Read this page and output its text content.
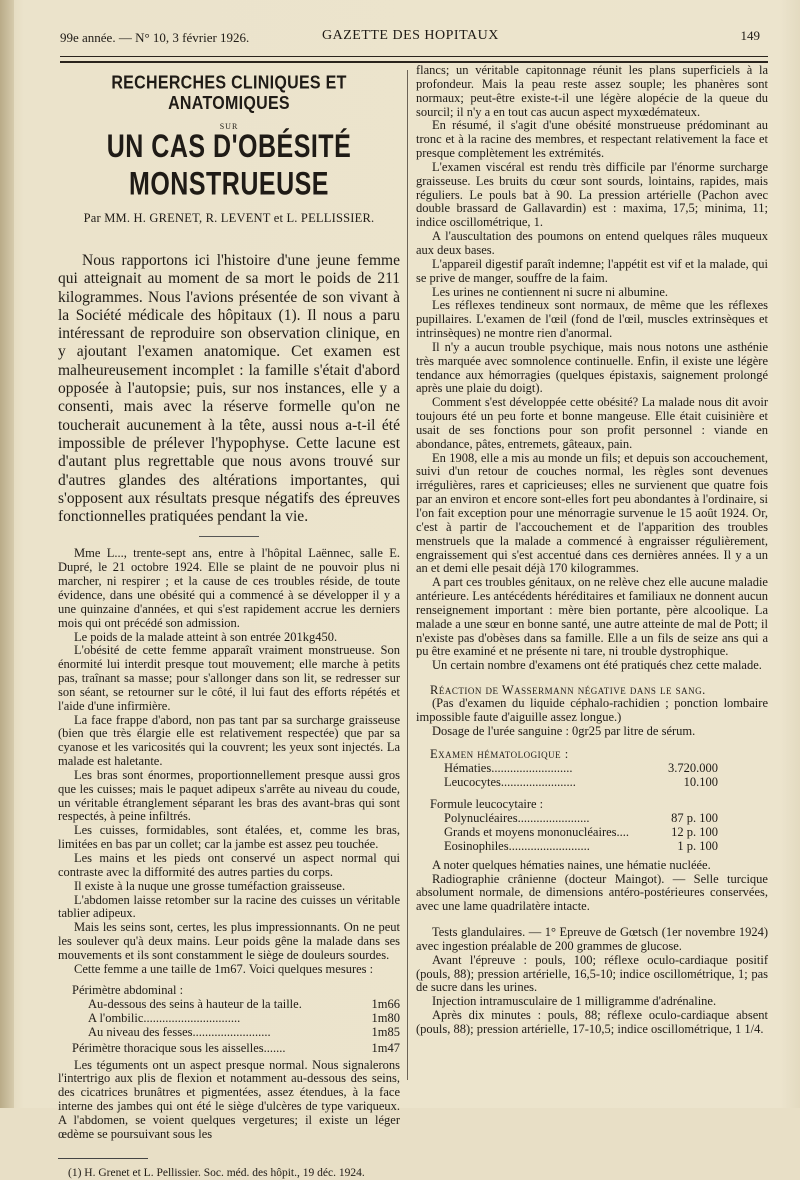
99e année. — N° 10, 3 février 1926.	GAZETTE DES HOPITAUX	149
RECHERCHES CLINIQUES ET ANATOMIQUES
SUR
UN CAS D'OBÉSITÉ MONSTRUEUSE
Par MM. H. GRENET, R. LEVENT et L. PELLISSIER.
Nous rapportons ici l'histoire d'une jeune femme qui atteignait au moment de sa mort le poids de 211 kilogrammes. Nous l'avions présentée de son vivant à la Société médicale des hôpitaux (1). Il nous a paru intéressant de reproduire son observation clinique, en y ajoutant l'examen anatomique. Cet examen est malheureusement incomplet : la famille s'était d'abord opposée à l'autopsie; puis, sur nos instances, elle y a consenti, mais avec la réserve formelle qu'on ne toucherait aucunement à la tête, aussi nous a-t-il été impossible de prélever l'hypophyse. Cette lacune est d'autant plus regrettable que nous avons trouvé sur d'autres glandes des altérations importantes, qui s'opposent aux résultats presque négatifs des épreuves fonctionnelles pratiquées pendant la vie.

Mme L..., trente-sept ans, entre à l'hôpital Laënnec, salle E. Dupré, le 21 octobre 1924. Elle se plaint de ne pouvoir plus ni marcher, ni respirer ; et la cause de ces troubles réside, de toute évidence, dans une obésité qui a commencé à se développer il y a une quinzaine d'années, et qui s'est rapidement accrue les derniers mois qui ont précédé son admission.

Le poids de la malade atteint à son entrée 201kg450.

L'obésité de cette femme apparaît vraiment monstrueuse. Son énormité lui interdit presque tout mouvement; elle marche à petits pas, traînant sa masse; pour s'allonger dans son lit, se redresser sur son séant, se retourner sur le côté, il lui faut des efforts répétés et l'aide d'une infirmière.

La face frappe d'abord, non pas tant par sa surcharge graisseuse (bien que très élargie elle est relativement respectée) que par sa cyanose et les varicosités qui la couvrent; les yeux sont injectés. La malade est haletante.

Les bras sont énormes, proportionnellement presque aussi gros que les cuisses; mais le paquet adipeux s'arrête au niveau du coude, un véritable étranglement séparant les bras des avant-bras qui sont respectés, à peine infiltrés.

Les cuisses, formidables, sont étalées, et, comme les bras, limitées en bas par un collet; car la jambe est assez peu touchée.

Les mains et les pieds ont conservé un aspect normal qui contraste avec la difformité des autres parties du corps.

Il existe à la nuque une grosse tuméfaction graisseuse.

L'abdomen laisse retomber sur la racine des cuisses un véritable tablier adipeux.

Mais les seins sont, certes, les plus impressionnants. On ne peut les soulever qu'à deux mains. Leur poids gêne la malade dans ses mouvements et ils sont constamment le siège de douleurs sourdes.

Cette femme a une taille de 1m67. Voici quelques mesures :

Périmètre abdominal :
Au-dessous des seins à hauteur de la taille.	1m66
A l'ombilic...............................	1m80
Au niveau des fesses.........................	1m85
Périmètre thoracique sous les aisselles.......	1m47

Les téguments ont un aspect presque normal. Nous signalerons l'intertrigo aux plis de flexion et notamment au-dessous des seins, des cicatrices brunâtres et pigmentées, assez étendues, à la face interne des jambes qui ont été le siège d'ulcères de type variqueux. A l'abdomen, se voient quelques vergetures; il existe un léger œdème se poursuivant sous les

(1) H. Grenet et L. Pellissier. Soc. méd. des hôpit., 19 déc. 1924.

flancs; un véritable capitonnage réunit les plans superficiels à la profondeur. Mais la peau reste assez souple; les phanères sont normaux; peut-être existe-t-il une légère alopécie de la queue du sourcil; il n'y a en tout cas aucun aspect myxœdémateux.

En résumé, il s'agit d'une obésité monstrueuse prédominant au tronc et à la racine des membres, et respectant relativement la face et presque complètement les extrémités.

L'examen viscéral est rendu très difficile par l'énorme surcharge graisseuse. Les bruits du cœur sont sourds, lointains, rapides, mais réguliers. Le pouls bat à 90. La pression artérielle (Pachon avec double brassard de Gallavardin) est : maxima, 17,5; minima, 11; indice oscillométrique, 1.

A l'auscultation des poumons on entend quelques râles muqueux aux deux bases.

L'appareil digestif paraît indemne; l'appétit est vif et la malade, qui se prive de manger, souffre de la faim.

Les urines ne contiennent ni sucre ni albumine.

Les réflexes tendineux sont normaux, de même que les réflexes pupillaires. L'examen de l'œil (fond de l'œil, muscles extrinsèques et intrinsèques) ne montre rien d'anormal.

Il n'y a aucun trouble psychique, mais nous notons une asthénie très marquée avec somnolence continuelle. Enfin, il existe une légère tendance aux hémorragies (quelques épistaxis, saignement prolongé après une plaie du doigt).

Comment s'est développée cette obésité? La malade nous dit avoir toujours été un peu forte et bonne mangeuse. Elle était cuisinière et usait de ses fonctions pour son profit personnel : viande en abondance, pâtes, entremets, gâteaux, pain.

En 1908, elle a mis au monde un fils; et depuis son accouchement, suivi d'un retour de couches normal, les règles sont devenues irrégulières, rares et capricieuses; elles ne survienent que quatre fois par an environ et encore sont-elles fort peu abondantes à l'ordinaire, si l'on fait exception pour une ménorragie survenue le 15 août 1924. Or, c'est à partir de l'accouchement et de l'apparition des troubles menstruels que la malade a commencé à engraisser régulièrement, engraissement qui s'est accentué dans ces dernières années. Il y a un an et demi elle pesait déjà 170 kilogrammes.

A part ces troubles génitaux, on ne relève chez elle aucune maladie antérieure. Les antécédents héréditaires et familiaux ne donnent aucun renseignement important : mère bien portante, père alcoolique. La malade a une sœur en bonne santé, une autre atteinte de mal de Pott; il n'existe pas d'obèses dans sa famille. Elle a un fils de seize ans qui a pu être examiné et ne présente ni tare, ni trouble dystrophique.

Un certain nombre d'examens ont été pratiqués chez cette malade.

Réaction de Wassermann négative dans le sang.

(Pas d'examen du liquide céphalo-rachidien ; ponction lombaire impossible faute d'aiguille assez longue.)

Dosage de l'urée sanguine : 0gr25 par litre de sérum.

Examen hématologique :
Hématies..........................	3.720.000
Leucocytes........................	10.100
Formule leucocytaire :
Polynucléaires.......................	87 p. 100
Grands et moyens mononucléaires....	12 p. 100
Eosinophiles..........................	1 p. 100

A noter quelques hématies naines, une hématie nucléée.

Radiographie crânienne (docteur Maingot). — Selle turcique absolument normale, de dimensions antéro-postérieures conservées, avec une lame quadrilatère intacte.

Tests glandulaires. — 1° Epreuve de Gœtsch (1er novembre 1924) avec ingestion préalable de 200 grammes de glucose.

Avant l'épreuve : pouls, 100; réflexe oculo-cardiaque positif (pouls, 88); pression artérielle, 16,5-10; indice oscillométrique, 1; pas de sucre dans les urines.

Injection intramusculaire de 1 milligramme d'adrénaline.

Après dix minutes : pouls, 88; réflexe oculo-cardiaque absent (pouls, 88); pression artérielle, 17-10,5; indice oscillométrique, 1 1/4.
